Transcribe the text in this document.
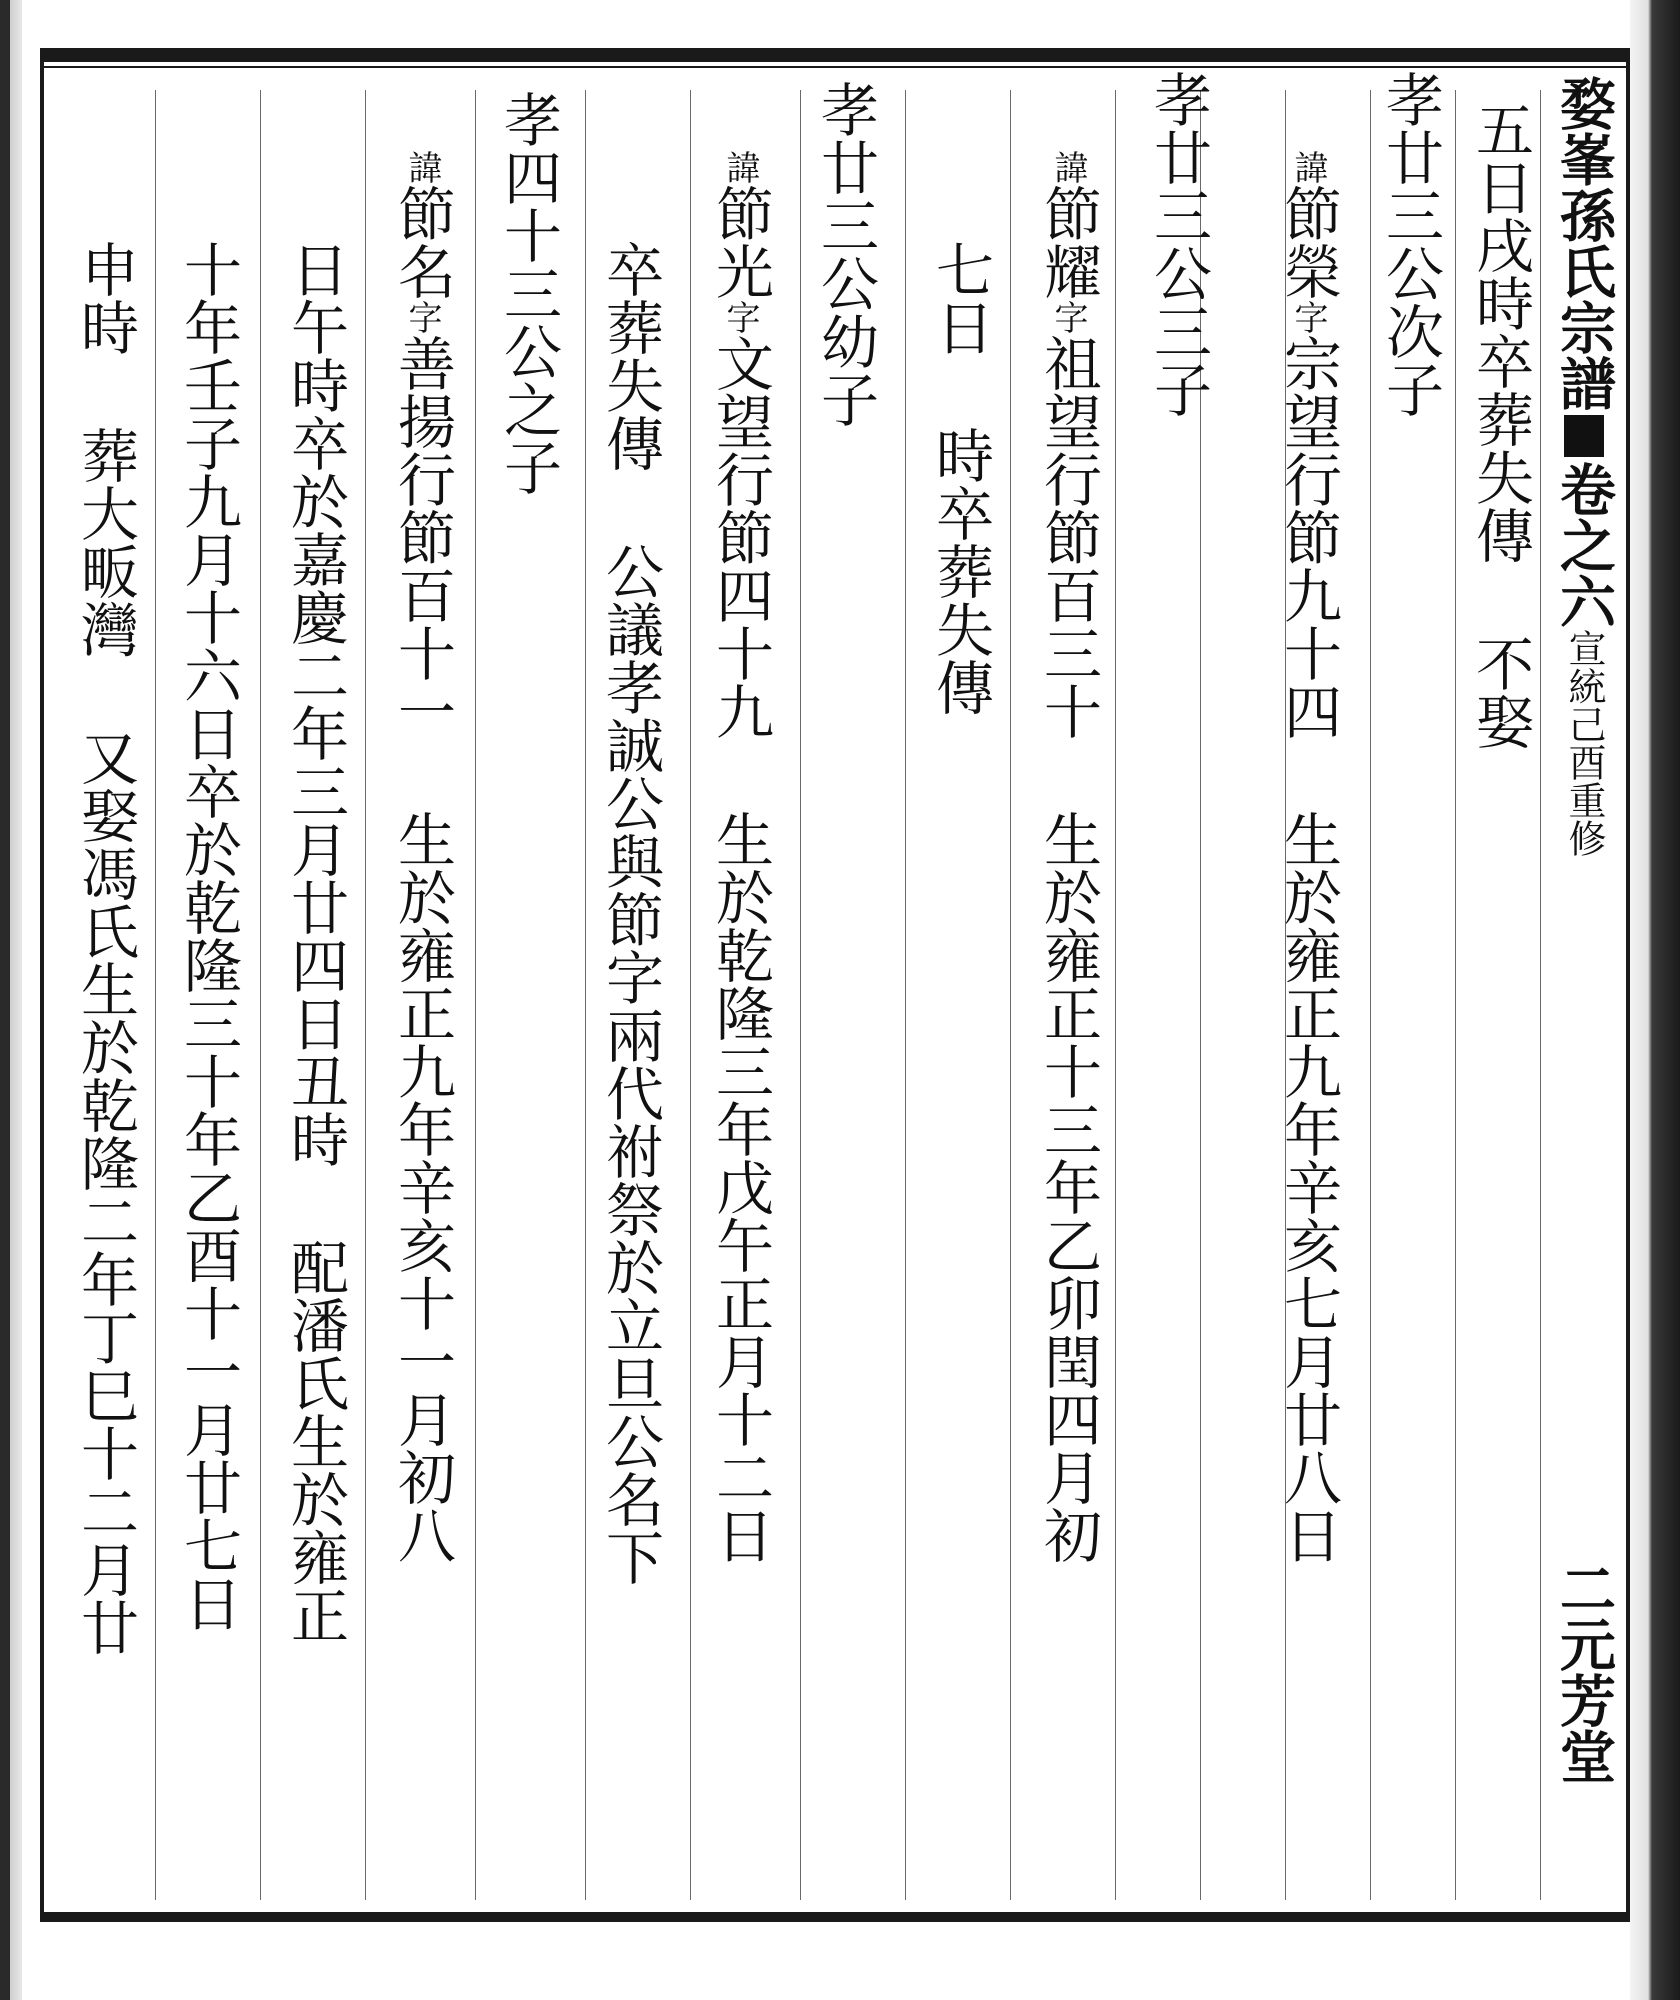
婺峯孫氏宗譜
卷之六
宣統己酉重修
二元芳堂
五日戌時卒葬失傳
不娶
孝廿三公次子
諱
節榮
字
宗望行節九十四
生於雍正九年辛亥七月廿八日
孝廿三公三子
諱
節耀
字
祖望行節百三十
生於雍正十三年乙卯閏四月初
七日
時卒葬失傳
孝廿三公幼子
諱
節光
字
文望行節四十九
生於乾隆三年戊午正月十二日
卒葬失傳
公議孝誠公與節字兩代祔祭於立旦公名下
孝四十三公之子
諱
節名
字
善揚行節百十一
生於雍正九年辛亥十一月初八
日午時卒於嘉慶二年三月廿四日丑時
配潘氏生於雍正
十年壬子九月十六日卒於乾隆三十年乙酉十一月廿七日
申時
葬大畈灣
又娶馮氏生於乾隆二年丁巳十二月廿
